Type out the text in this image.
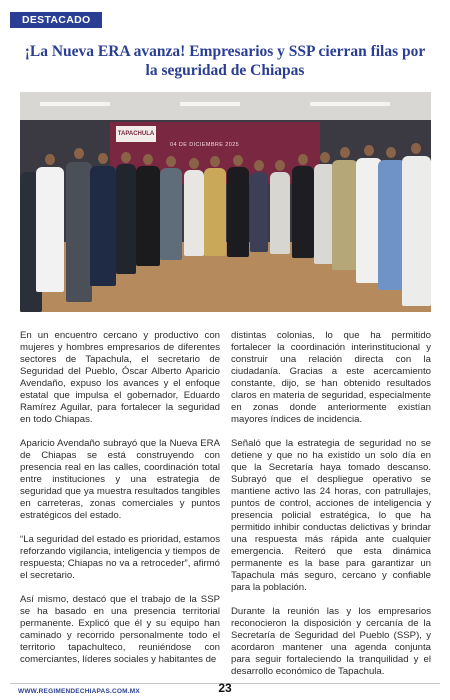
DESTACADO
¡La Nueva ERA avanza! Empresarios y SSP cierran filas por la seguridad de Chiapas
TAPACHULA
04 DE DICIEMBRE 2025

En un encuentro cercano y productivo con mujeres y hombres empresarios de diferentes sectores de Tapachula, el secretario de Seguridad del Pueblo, Óscar Alberto Aparicio Avendaño, expuso los avances y el enfoque estatal que impulsa el gobernador, Eduardo Ramírez Aguilar, para fortalecer la seguridad en todo Chiapas.

Aparicio Avendaño subrayó que la Nueva ERA de Chiapas se está construyendo con presencia real en las calles, coordinación total entre instituciones y una estrategia de seguridad que ya muestra resultados tangibles en carreteras, zonas comerciales y puntos estratégicos del estado.

“La seguridad del estado es prioridad, estamos reforzando vigilancia, inteligencia y tiempos de respuesta; Chiapas no va a retroceder”, afirmó el secretario.

Así mismo, destacó que el trabajo de la SSP se ha basado en una presencia territorial permanente. Explicó que él y su equipo han caminado y recorrido personalmente todo el territorio tapachulteco, reuniéndose con comerciantes, líderes sociales y habitantes de

distintas colonias, lo que ha permitido fortalecer la coordinación interinstitucional y construir una relación directa con la ciudadanía. Gracias a este acercamiento constante, dijo, se han obtenido resultados claros en materia de seguridad, especialmente en zonas donde anteriormente existían mayores índices de incidencia.

Señaló que la estrategia de seguridad no se detiene y que no ha existido un solo día en que la Secretaría haya tomado descanso. Subrayó que el despliegue operativo se mantiene activo las 24 horas, con patrullajes, puntos de control, acciones de inteligencia y presencia policial estratégica, lo que ha permitido inhibir conductas delictivas y brindar una respuesta más rápida ante cualquier emergencia. Reiteró que esta dinámica permanente es la base para garantizar un Tapachula más seguro, cercano y confiable para la población.

Durante la reunión las y los empresarios reconocieron la disposición y cercanía de la Secretaría de Seguridad del Pueblo (SSP), y acordaron mantener una agenda conjunta para seguir fortaleciendo la tranquilidad y el desarrollo económico de Tapachula.

WWW.REGIMENDECHIAPAS.COM.MX	23
